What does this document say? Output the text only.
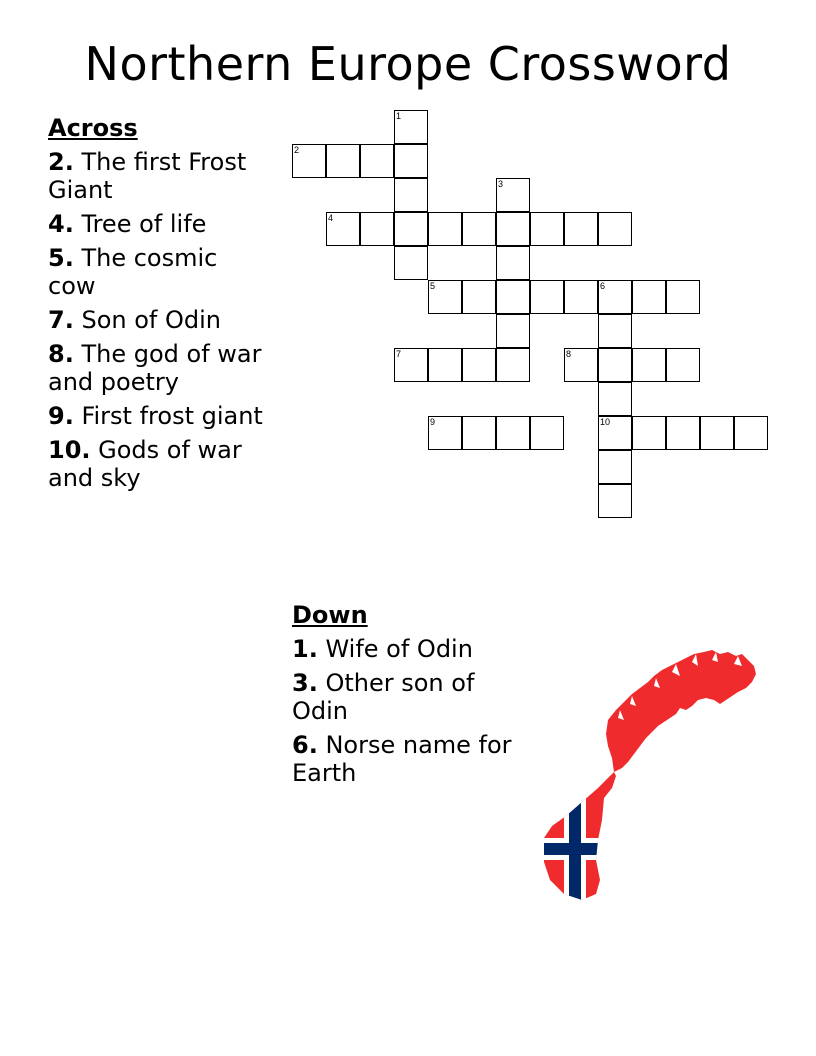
Northern Europe Crossword
Across
2. The first Frost Giant
4. Tree of life
5. The cosmic cow
7. Son of Odin
8. The god of war and poetry
9. First frost giant
10. Gods of war and sky
Down
1. Wife of Odin
3. Other son of Odin
6. Norse name for Earth
1
2
3
4
5	6
7	8
9	10
